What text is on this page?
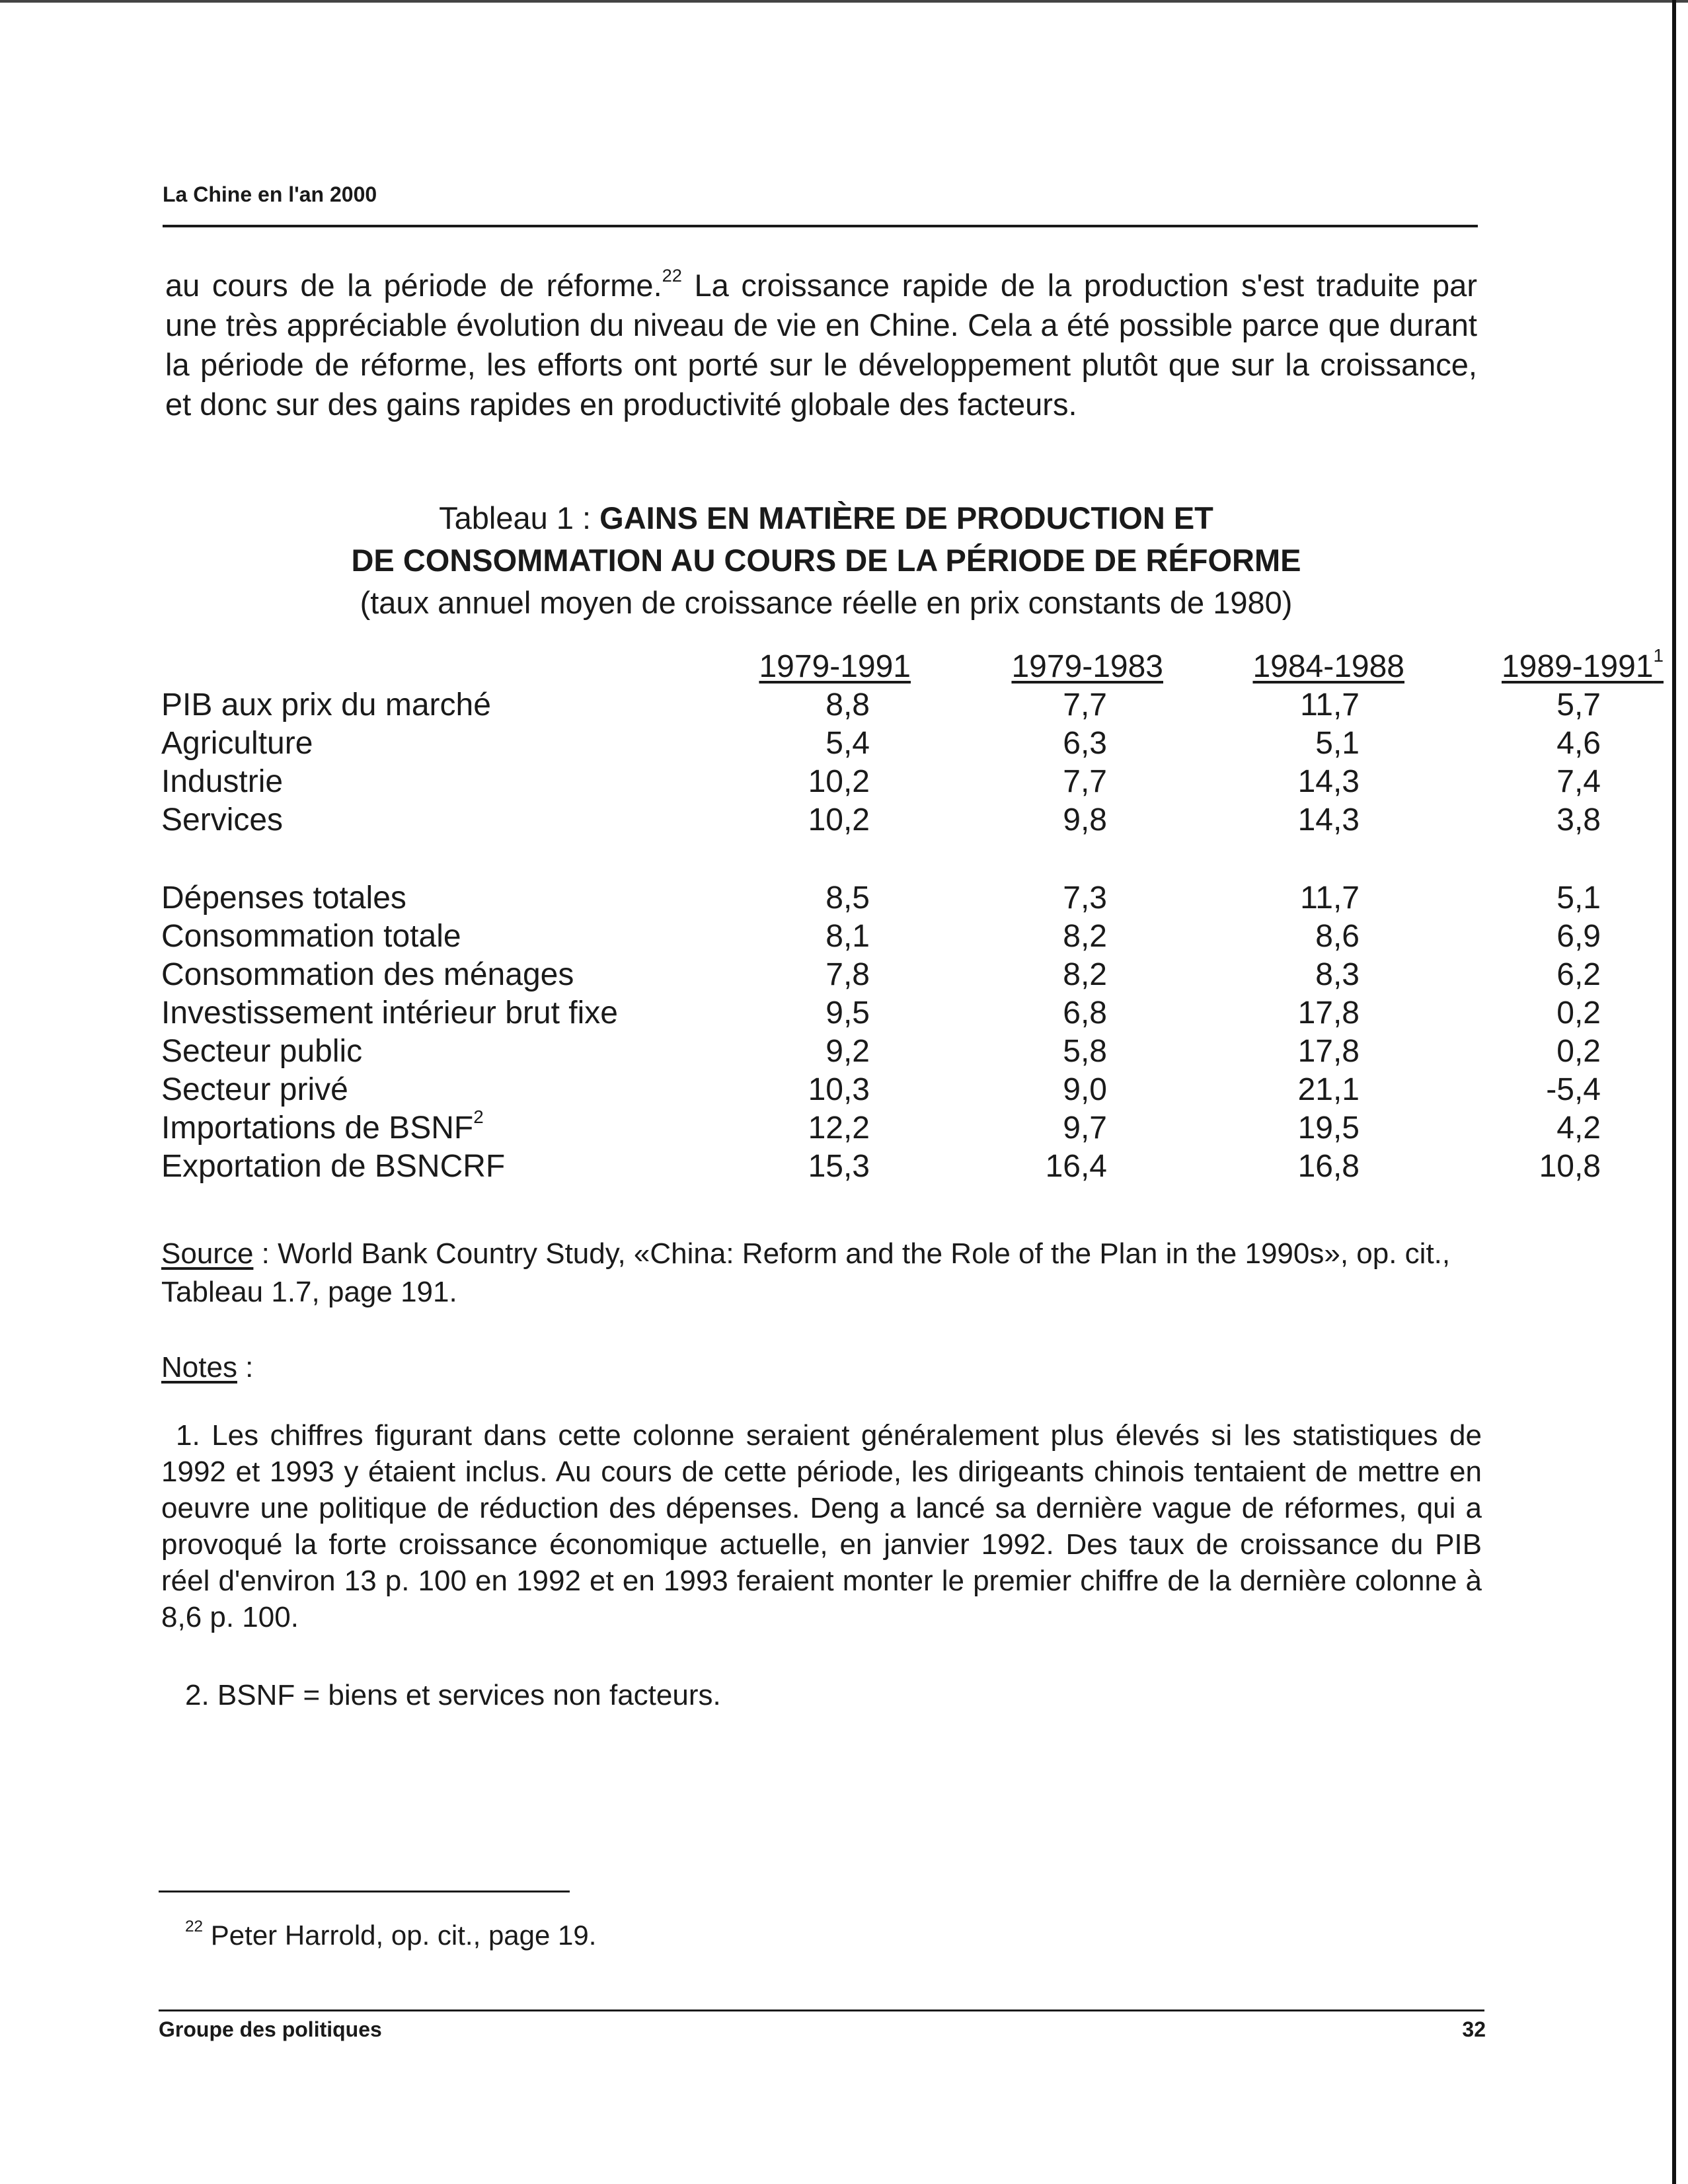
La Chine en l'an 2000

au cours de la période de réforme.$^{22}$ La croissance rapide de la production s'est traduite par une très appréciable évolution du niveau de vie en Chine. Cela a été possible parce que durant la période de réforme, les efforts ont porté sur le développement plutôt que sur la croissance, et donc sur des gains rapides en productivité globale des facteurs.

Tableau 1 : GAINS EN MATIÈRE DE PRODUCTION ET
DE CONSOMMATION AU COURS DE LA PÉRIODE DE RÉFORME
(taux annuel moyen de croissance réelle en prix constants de 1980)
	1979-1991	1979-1983	1984-1988	1989-1991$^1$
PIB aux prix du marché	8,8	7,7	11,7	5,7
Agriculture	5,4	6,3	5,1	4,6
Industrie	10,2	7,7	14,3	7,4
Services	10,2	9,8	14,3	3,8

Dépenses totales	8,5	7,3	11,7	5,1
Consommation totale	8,1	8,2	8,6	6,9
Consommation des ménages	7,8	8,2	8,3	6,2
Investissement intérieur brut fixe	9,5	6,8	17,8	0,2
Secteur public	9,2	5,8	17,8	0,2
Secteur privé	10,3	9,0	21,1	-5,4
Importations de BSNF$^2$	12,2	9,7	19,5	4,2
Exportation de BSNCRF	15,3	16,4	16,8	10,8
Source : World Bank Country Study, «China: Reform and the Role of the Plan in the 1990s», op. cit., Tableau 1.7, page 191.
Notes :
1. Les chiffres figurant dans cette colonne seraient généralement plus élevés si les statistiques de 1992 et 1993 y étaient inclus. Au cours de cette période, les dirigeants chinois tentaient de mettre en oeuvre une politique de réduction des dépenses. Deng a lancé sa dernière vague de réformes, qui a provoqué la forte croissance économique actuelle, en janvier 1992. Des taux de croissance du PIB réel d'environ 13 p. 100 en 1992 et en 1993 feraient monter le premier chiffre de la dernière colonne à 8,6 p. 100.
2. BSNF = biens et services non facteurs.
$^{22}$ Peter Harrold, op. cit., page 19.
Groupe des politiques	32
